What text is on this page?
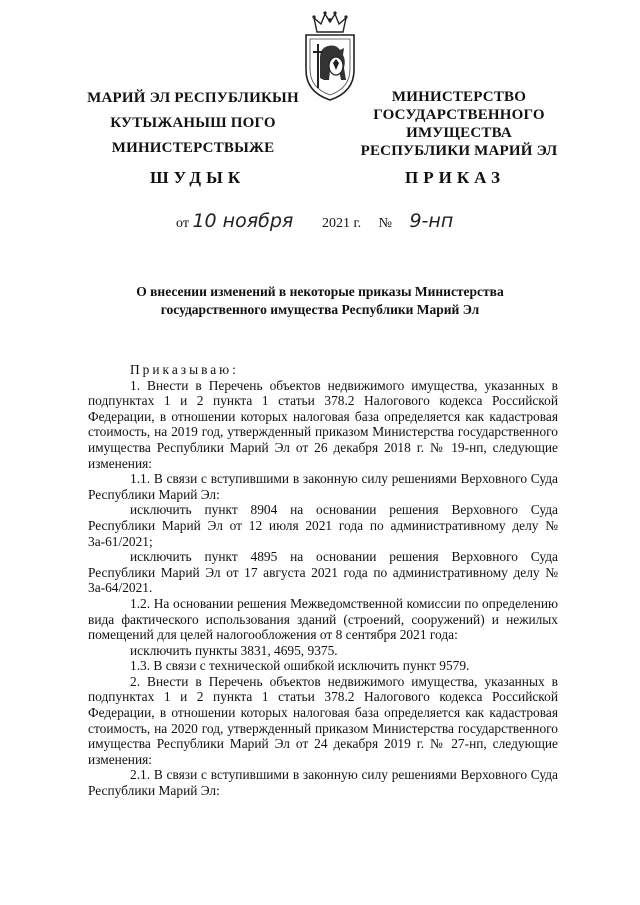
МАРИЙ ЭЛ РЕСПУБЛИКЫН
КУТЫЖАНЫШ ПОГО
МИНИСТЕРСТВЫЖЕ
МИНИСТЕРСТВО
ГОСУДАРСТВЕННОГО
ИМУЩЕСТВА
РЕСПУБЛИКИ МАРИЙ ЭЛ
ШУДЫК	ПРИКАЗ
от 10 ноября 2021 г. № 9-нп
О внесении изменений в некоторые приказы Министерства
государственного имущества Республики Марий Эл

Приказываю:

1. Внести в Перечень объектов недвижимого имущества, указанных в подпунктах 1 и 2 пункта 1 статьи 378.2 Налогового кодекса Российской Федерации, в отношении которых налоговая база определяется как кадастровая стоимость, на 2019 год, утвержденный приказом Министерства государственного имущества Республики Марий Эл от 26 декабря 2018 г. № 19-нп, следующие изменения:

1.1. В связи с вступившими в законную силу решениями Верховного Суда Республики Марий Эл:

исключить пункт 8904 на основании решения Верховного Суда Республики Марий Эл от 12 июля 2021 года по административному делу № 3а-61/2021;

исключить пункт 4895 на основании решения Верховного Суда Республики Марий Эл от 17 августа 2021 года по административному делу № 3а-64/2021.

1.2. На основании решения Межведомственной комиссии по определению вида фактического использования зданий (строений, сооружений) и нежилых помещений для целей налогообложения от 8 сентября 2021 года:

исключить пункты 3831, 4695, 9375.

1.3. В связи с технической ошибкой исключить пункт 9579.

2. Внести в Перечень объектов недвижимого имущества, указанных в подпунктах 1 и 2 пункта 1 статьи 378.2 Налогового кодекса Российской Федерации, в отношении которых налоговая база определяется как кадастровая стоимость, на 2020 год, утвержденный приказом Министерства государственного имущества Республики Марий Эл от 24 декабря 2019 г. № 27-нп, следующие изменения:

2.1. В связи с вступившими в законную силу решениями Верховного Суда Республики Марий Эл:
